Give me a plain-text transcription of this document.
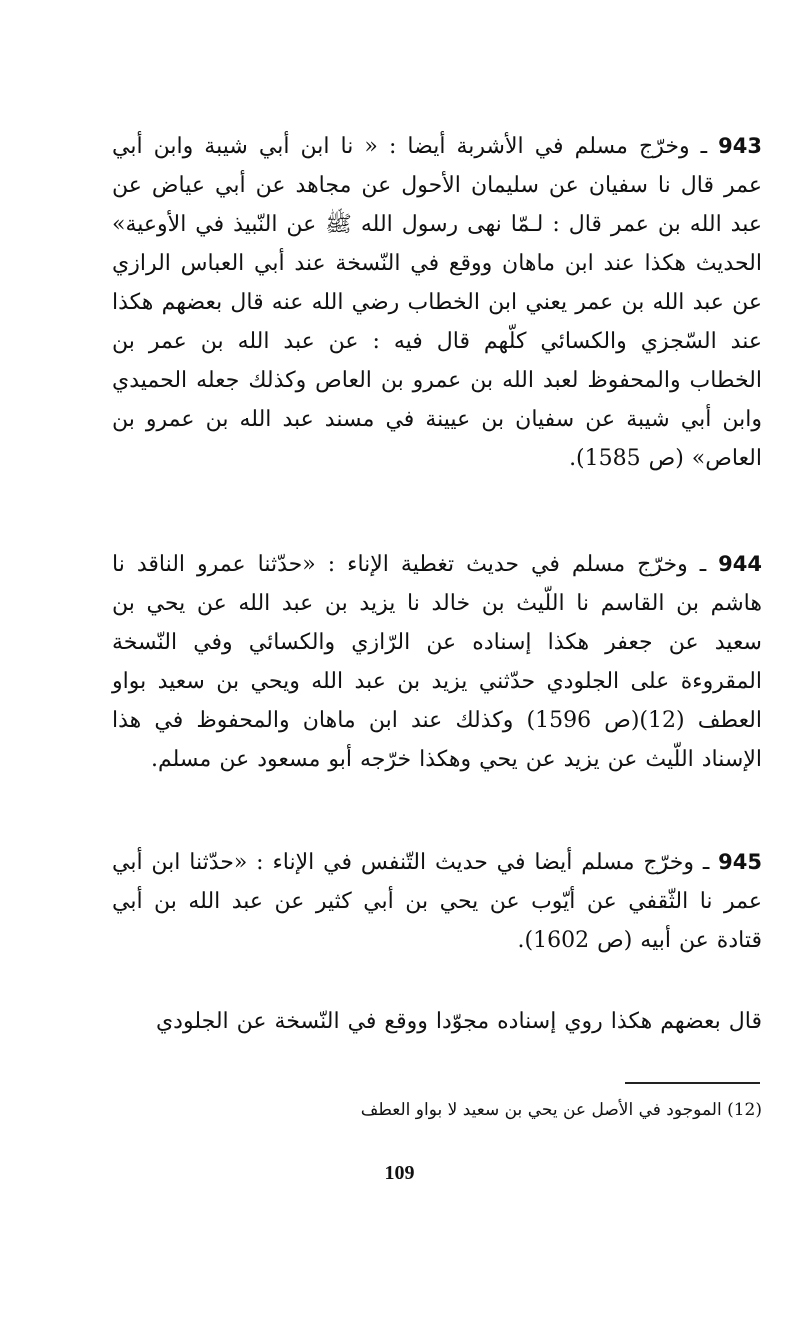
943 ـ وخرّج مسلم في الأشربة أيضا : « نا ابن أبي شيبة وابن أبي عمر قال نا سفيان عن سليمان الأحول عن مجاهد عن أبي عياض عن عبد الله بن عمر قال : لـمّا نهى رسول الله ﷺ عن النّبيذ في الأوعية» الحديث هكذا عند ابن ماهان ووقع في النّسخة عند أبي العباس الرازي عن عبد الله بن عمر يعني ابن الخطاب رضي الله عنه قال بعضهم هكذا عند السّجزي والكسائي كلّهم قال فيه : عن عبد الله بن عمر بن الخطاب والمحفوظ لعبد الله بن عمرو بن العاص وكذلك جعله الحميدي وابن أبي شيبة عن سفيان بن عيينة في مسند عبد الله بن عمرو بن العاص» (ص 1585).

944 ـ وخرّج مسلم في حديث تغطية الإناء : «حدّثنا عمرو الناقد نا هاشم بن القاسم نا اللّيث بن خالد نا يزيد بن عبد الله عن يحي بن سعيد عن جعفر هكذا إسناده عن الرّازي والكسائي وفي النّسخة المقروءة على الجلودي حدّثني يزيد بن عبد الله ويحي بن سعيد بواو العطف (12)(ص 1596) وكذلك عند ابن ماهان والمحفوظ في هذا الإسناد اللّيث عن يزيد عن يحي وهكذا خرّجه أبو مسعود عن مسلم.

945 ـ وخرّج مسلم أيضا في حديث التّنفس في الإناء : «حدّثنا ابن أبي عمر نا الثّقفي عن أيّوب عن يحي بن أبي كثير عن عبد الله بن أبي قتادة عن أبيه (ص 1602).

قال بعضهم هكذا روي إسناده مجوّدا ووقع في النّسخة عن الجلودي

(12) الموجود في الأصل عن يحي بن سعيد لا بواو العطف

109
